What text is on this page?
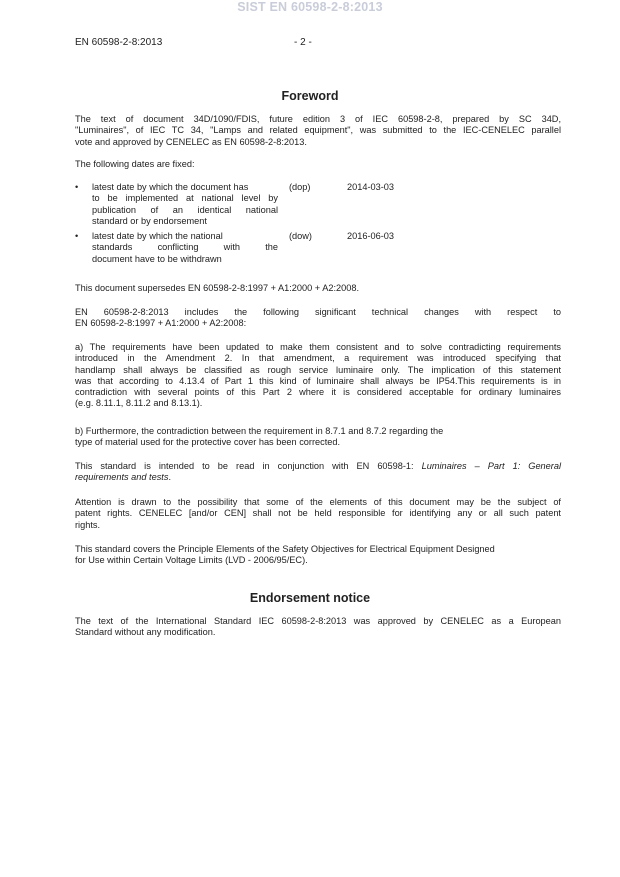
SIST EN 60598-2-8:2013
EN 60598-2-8:2013	- 2 -
Foreword
The text of document 34D/1090/FDIS, future edition 3 of IEC 60598-2-8, prepared by SC 34D,
"Luminaires", of IEC TC 34, "Lamps and related equipment", was submitted to the IEC-CENELEC parallel
vote and approved by CENELEC as EN 60598-2-8:2013.
The following dates are fixed:
• latest date by which the document has
to be implemented at national level by
publication of an identical national
standard or by endorsement
(dop)	2014-03-03
• latest date by which the national
standards conflicting with the
document have to be withdrawn
(dow)	2016-06-03
This document supersedes EN 60598-2-8:1997 + A1:2000 + A2:2008.
EN 60598-2-8:2013 includes the following significant technical changes with respect to
EN 60598-2-8:1997 + A1:2000 + A2:2008:
a) The requirements have been updated to make them consistent and to solve contradicting requirements
introduced in the Amendment 2. In that amendment, a requirement was introduced specifying that
handlamp shall always be classified as rough service luminaire only. The implication of this statement
was that according to 4.13.4 of Part 1 this kind of luminaire shall always be IP54.This requirements is in
contradiction with several points of this Part 2 where it is considered acceptable for ordinary luminaires
(e.g. 8.11.1, 8.11.2 and 8.13.1).
b) Furthermore, the contradiction between the requirement in 8.7.1 and 8.7.2 regarding the
type of material used for the protective cover has been corrected.
This standard is intended to be read in conjunction with EN 60598-1: Luminaires – Part 1: General
requirements and tests.
Attention is drawn to the possibility that some of the elements of this document may be the subject of
patent rights. CENELEC [and/or CEN] shall not be held responsible for identifying any or all such patent
rights.
This standard covers the Principle Elements of the Safety Objectives for Electrical Equipment Designed
for Use within Certain Voltage Limits (LVD - 2006/95/EC).
Endorsement notice
The text of the International Standard IEC 60598-2-8:2013 was approved by CENELEC as a European
Standard without any modification.
